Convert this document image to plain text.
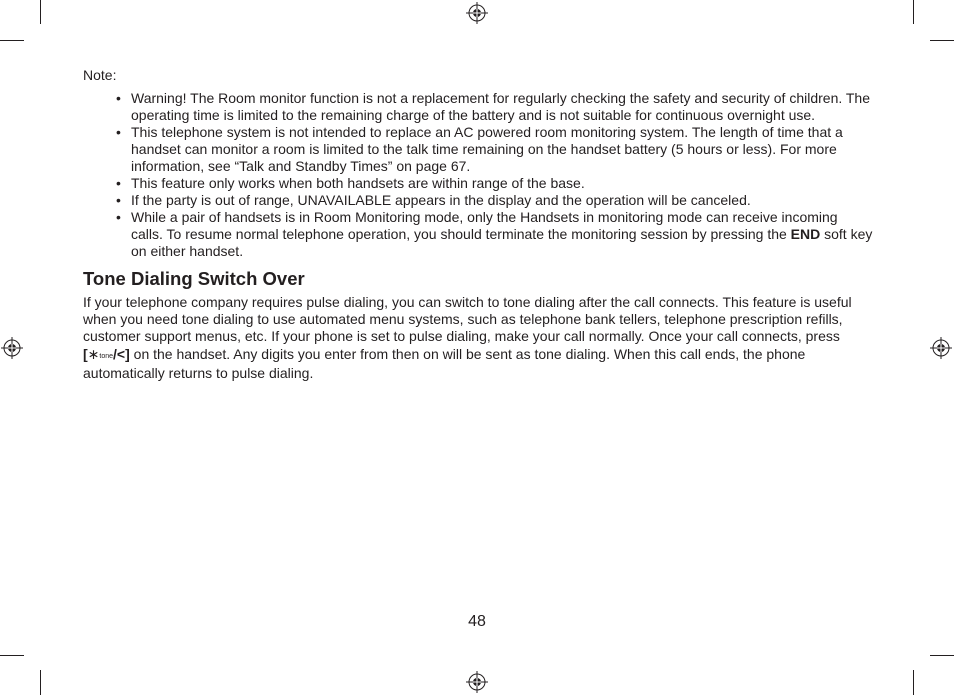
Note:
• Warning! The Room monitor function is not a replacement for regularly checking the safety and security of children. The operating time is limited to the remaining charge of the battery and is not suitable for continuous overnight use.
• This telephone system is not intended to replace an AC powered room monitoring system. The length of time that a handset can monitor a room is limited to the talk time remaining on the handset battery (5 hours or less). For more information, see “Talk and Standby Times” on page 67.
• This feature only works when both handsets are within range of the base.
• If the party is out of range, UNAVAILABLE appears in the display and the operation will be canceled.
• While a pair of handsets is in Room Monitoring mode, only the Handsets in monitoring mode can receive incoming calls. To resume normal telephone operation, you should terminate the monitoring session by pressing the END soft key on either handset.
Tone Dialing Switch Over

If your telephone company requires pulse dialing, you can switch to tone dialing after the call connects. This feature is useful when you need tone dialing to use automated menu systems, such as telephone bank tellers, telephone prescription refills, customer support menus, etc. If your phone is set to pulse dialing, make your call normally. Once your call connects, press [∗tone/<] on the handset. Any digits you enter from then on will be sent as tone dialing. When this call ends, the phone automatically returns to pulse dialing.

48
